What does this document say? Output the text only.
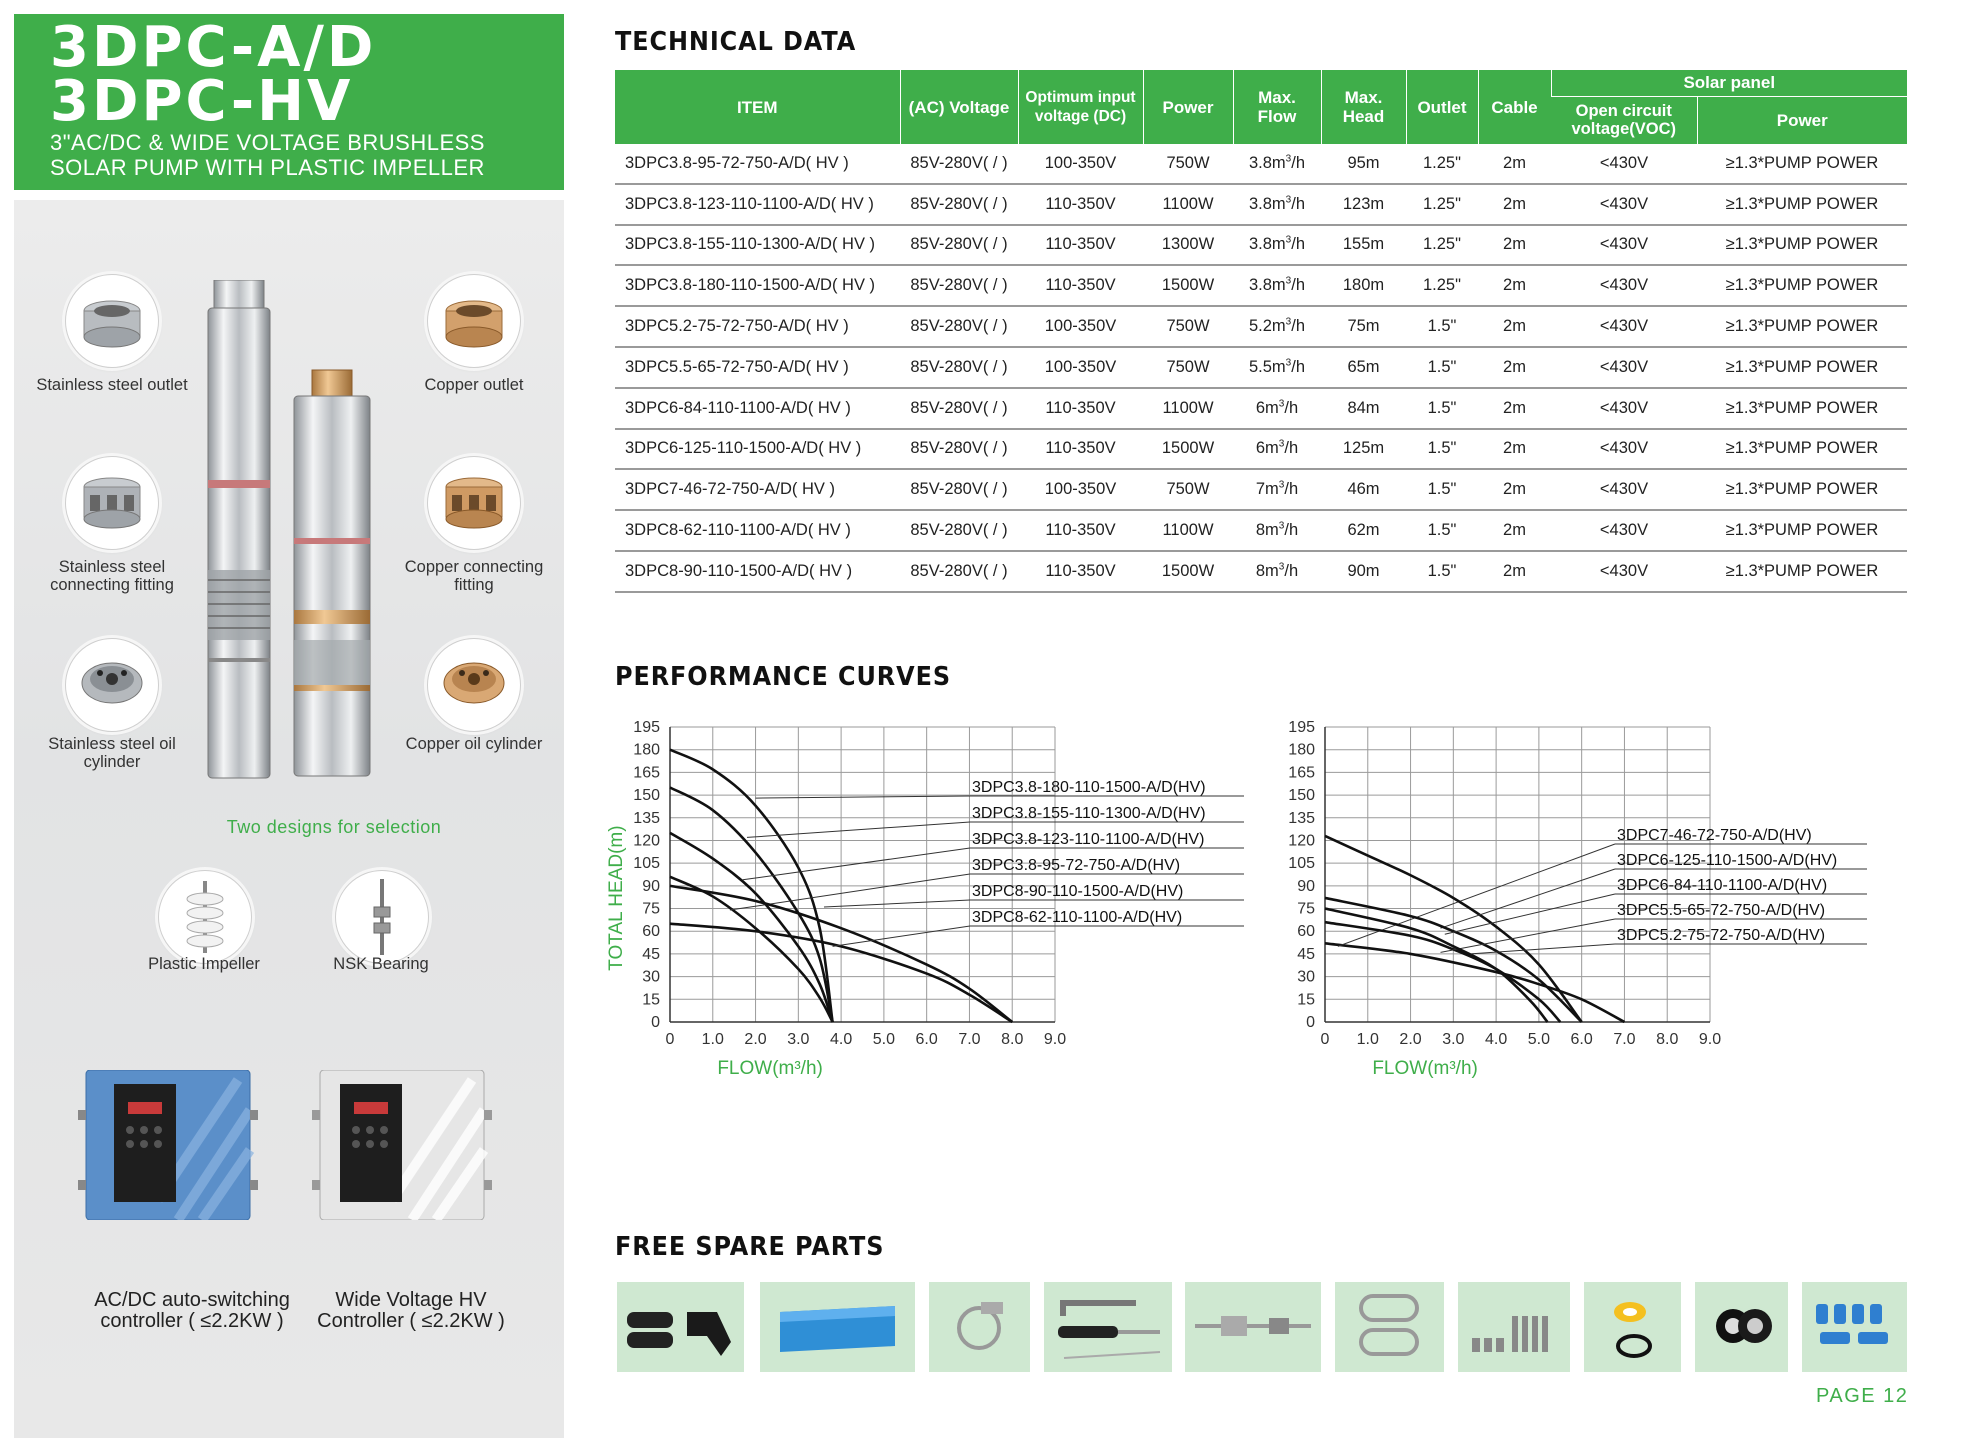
3DPC-A/D
3DPC-HV
3"AC/DC & WIDE VOLTAGE BRUSHLESS SOLAR PUMP WITH PLASTIC IMPELLER
Stainless steel outlet
Stainless steel connecting fitting
Stainless steel oil cylinder
Copper outlet
Copper connecting fitting
Copper oil cylinder
Two designs for selection
Plastic Impeller	NSK Bearing
AC/DC auto-switching controller ( ≤2.2KW )
Wide Voltage HV Controller ( ≤2.2KW )
TECHNICAL DATA
ITEM	(AC) Voltage	Optimum input voltage (DC)	Power	Max. Flow	Max. Head	Outlet	Cable	Solar panel	
								Open circuit voltage(VOC)	Power
3DPC3.8-95-72-750-A/D( HV )	85V-280V( / )	100-350V	750W	$3.8m^3/h$	95m	1.25"	2m	<430V	≥1.3*PUMP POWER
3DPC3.8-123-110-1100-A/D( HV )	85V-280V( / )	110-350V	1100W	$3.8m^3/h$	123m	1.25"	2m	<430V	≥1.3*PUMP POWER
3DPC3.8-155-110-1300-A/D( HV )	85V-280V( / )	110-350V	1300W	$3.8m^3/h$	155m	1.25"	2m	<430V	≥1.3*PUMP POWER
3DPC3.8-180-110-1500-A/D( HV )	85V-280V( / )	110-350V	1500W	$3.8m^3/h$	180m	1.25"	2m	<430V	≥1.3*PUMP POWER
3DPC5.2-75-72-750-A/D( HV )	85V-280V( / )	100-350V	750W	$5.2m^3/h$	75m	1.5"	2m	<430V	≥1.3*PUMP POWER
3DPC5.5-65-72-750-A/D( HV )	85V-280V( / )	100-350V	750W	$5.5m^3/h$	65m	1.5"	2m	<430V	≥1.3*PUMP POWER
3DPC6-84-110-1100-A/D( HV )	85V-280V( / )	110-350V	1100W	$6m^3/h$	84m	1.5"	2m	<430V	≥1.3*PUMP POWER
3DPC6-125-110-1500-A/D( HV )	85V-280V( / )	110-350V	1500W	$6m^3/h$	125m	1.5"	2m	<430V	≥1.3*PUMP POWER
3DPC7-46-72-750-A/D( HV )	85V-280V( / )	100-350V	750W	$7m^3/h$	46m	1.5"	2m	<430V	≥1.3*PUMP POWER
3DPC8-62-110-1100-A/D( HV )	85V-280V( / )	110-350V	1100W	$8m^3/h$	62m	1.5"	2m	<430V	≥1.3*PUMP POWER
3DPC8-90-110-1500-A/D( HV )	85V-280V( / )	110-350V	1500W	$8m^3/h$	90m	1.5"	2m	<430V	≥1.3*PUMP POWER
PERFORMANCE CURVES
0 1.0 2.0 3.0 4.0 5.0 6.0 7.0 8.0 9.0
0
15
30
45
60
75
90
105
120
135
150
165
180
195
FLOW(m³/h)
TOTAL HEAD(m)
3DPC3.8-180-110-1500-A/D(HV)
3DPC3.8-155-110-1300-A/D(HV)
3DPC3.8-123-110-1100-A/D(HV)
3DPC3.8-95-72-750-A/D(HV)
3DPC8-90-110-1500-A/D(HV)
3DPC8-62-110-1100-A/D(HV)
0 1.0 2.0 3.0 4.0 5.0 6.0 7.0 8.0 9.0
0
15
30
45
60
75
90
105
120
135
150
165
180
195
FLOW(m³/h)
3DPC7-46-72-750-A/D(HV)
3DPC6-125-110-1500-A/D(HV)
3DPC6-84-110-1100-A/D(HV)
3DPC5.5-65-72-750-A/D(HV)
3DPC5.2-75-72-750-A/D(HV)
FREE SPARE PARTS
PAGE 12
